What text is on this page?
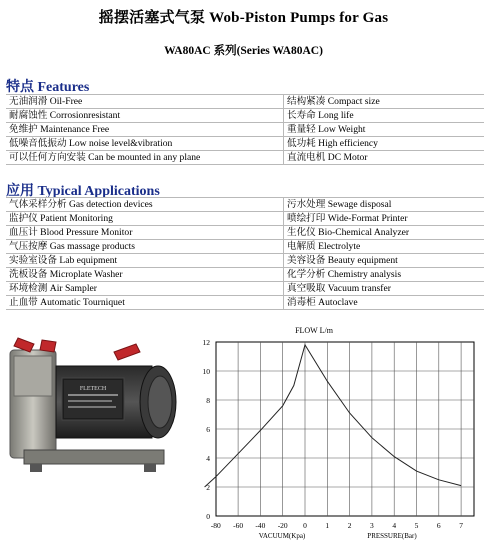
摇摆活塞式气泵 Wob-Piston Pumps for Gas
WA80AC 系列(Series WA80AC)
特点 Features
无油润滑 Oil-Free	结构紧凑 Compact size
耐腐蚀性 Corrosionresistant	长寿命 Long life
免维护 Maintenance Free	重量轻 Low Weight
低噪音低振动 Low noise level&vibration	低功耗 High efficiency
可以任何方向安装 Can be mounted in any plane	直流电机 DC Motor
应用 Typical Applications
气体采样分析 Gas detection devices	污水处理 Sewage disposal
监护仪 Patient Monitoring	喷绘打印 Wide-Format Printer
血压计 Blood Pressure Monitor	生化仪 Bio-Chemical Analyzer
气压按摩 Gas massage products	电解质 Electrolyte
实验室设备 Lab equipment	美容设备 Beauty equipment
洗板设备 Microplate Washer	化学分析 Chemistry analysis
环境检测 Air Sampler	真空吸取 Vacuum transfer
止血带 Automatic Tourniquet	消毒柜 Autoclave
FLETECH
FLOW L/m
0
2
4
6
8
10
12
-80 -60 -40 -20 0 1 2 3 4 5 6 7
VACUUM(Kpa)	PRESSURE(Bar)
